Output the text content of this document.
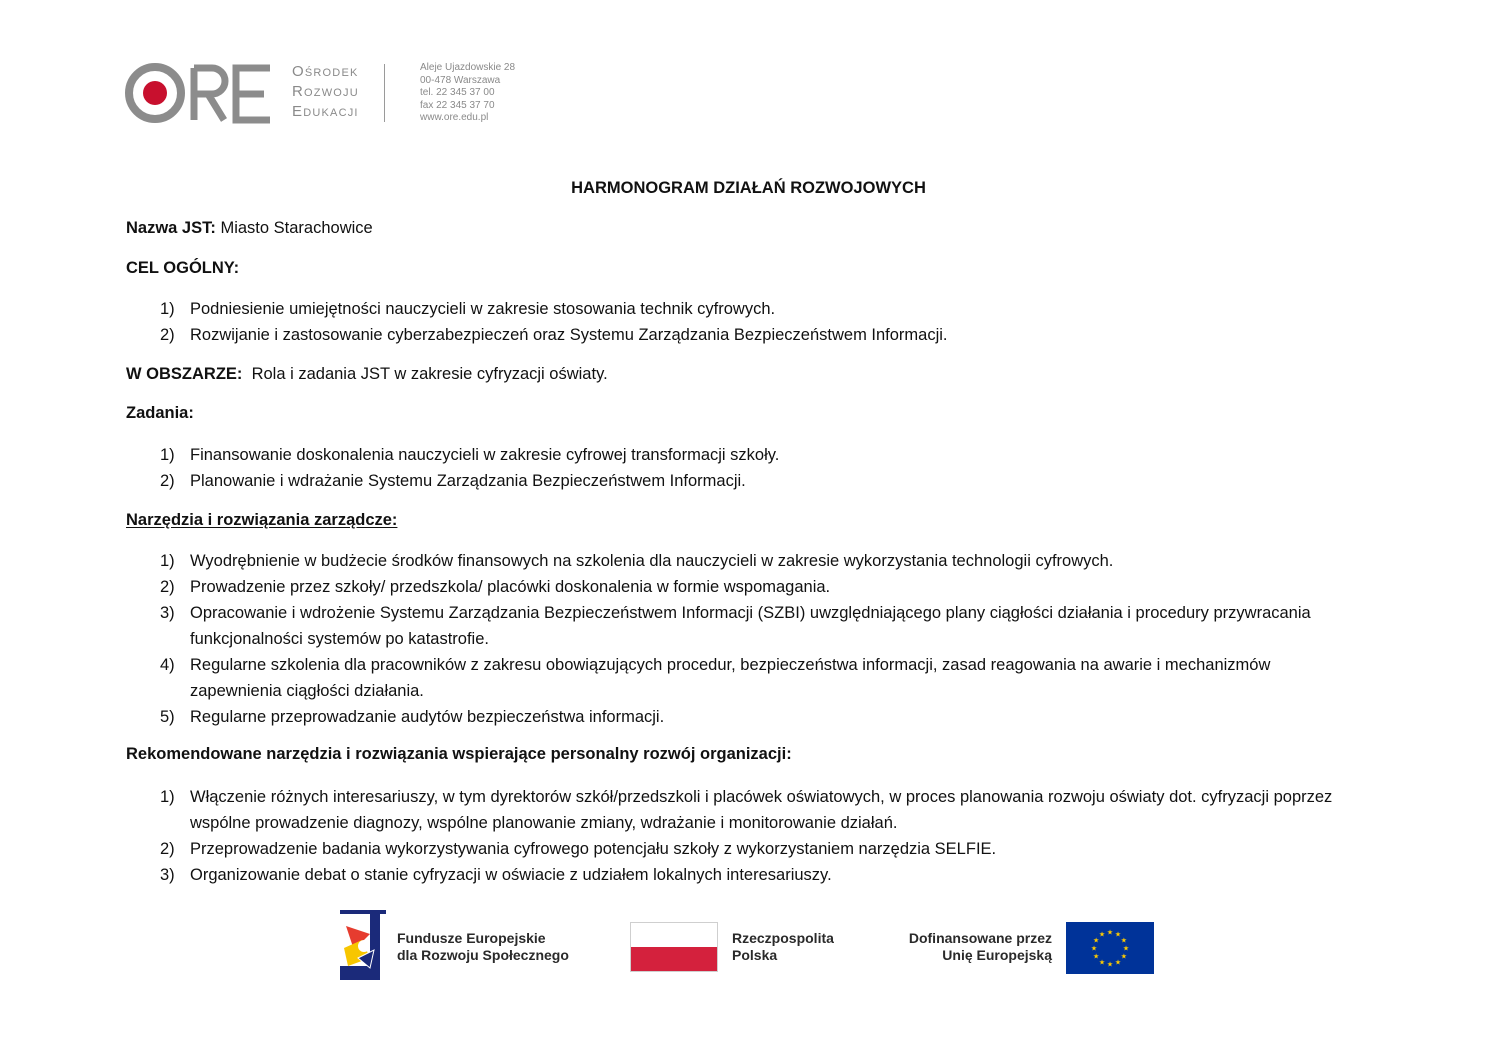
Ośrodek
Rozwoju
Edukacji
Aleje Ujazdowskie 28
00-478 Warszawa
tel. 22 345 37 00
fax 22 345 37 70
www.ore.edu.pl
HARMONOGRAM DZIAŁAŃ ROZWOJOWYCH
Nazwa JST: Miasto Starachowice
CEL OGÓLNY:
1) Podniesienie umiejętności nauczycieli w zakresie stosowania technik cyfrowych.
2) Rozwijanie i zastosowanie cyberzabezpieczeń oraz Systemu Zarządzania Bezpieczeństwem Informacji.
W OBSZARZE: Rola i zadania JST w zakresie cyfryzacji oświaty.
Zadania:
1) Finansowanie doskonalenia nauczycieli w zakresie cyfrowej transformacji szkoły.
2) Planowanie i wdrażanie Systemu Zarządzania Bezpieczeństwem Informacji.
Narzędzia i rozwiązania zarządcze:
1) Wyodrębnienie w budżecie środków finansowych na szkolenia dla nauczycieli w zakresie wykorzystania technologii cyfrowych.
2) Prowadzenie przez szkoły/ przedszkola/ placówki doskonalenia w formie wspomagania.
3) Opracowanie i wdrożenie Systemu Zarządzania Bezpieczeństwem Informacji (SZBI) uwzględniającego plany ciągłości działania i procedury przywracania funkcjonalności systemów po katastrofie.
4) Regularne szkolenia dla pracowników z zakresu obowiązujących procedur, bezpieczeństwa informacji, zasad reagowania na awarie i mechanizmów zapewnienia ciągłości działania.
5) Regularne przeprowadzanie audytów bezpieczeństwa informacji.
Rekomendowane narzędzia i rozwiązania wspierające personalny rozwój organizacji:
1) Włączenie różnych interesariuszy, w tym dyrektorów szkół/przedszkoli i placówek oświatowych, w proces planowania rozwoju oświaty dot. cyfryzacji poprzez wspólne prowadzenie diagnozy, wspólne planowanie zmiany, wdrażanie i monitorowanie działań.
2) Przeprowadzenie badania wykorzystywania cyfrowego potencjału szkoły z wykorzystaniem narzędzia SELFIE.
3) Organizowanie debat o stanie cyfryzacji w oświacie z udziałem lokalnych interesariuszy.
Fundusze Europejskie
dla Rozwoju Społecznego
Rzeczpospolita
Polska
Dofinansowane przez
Unię Europejską
★ ★
★
★
★
★
★
★
★
★
★
★
